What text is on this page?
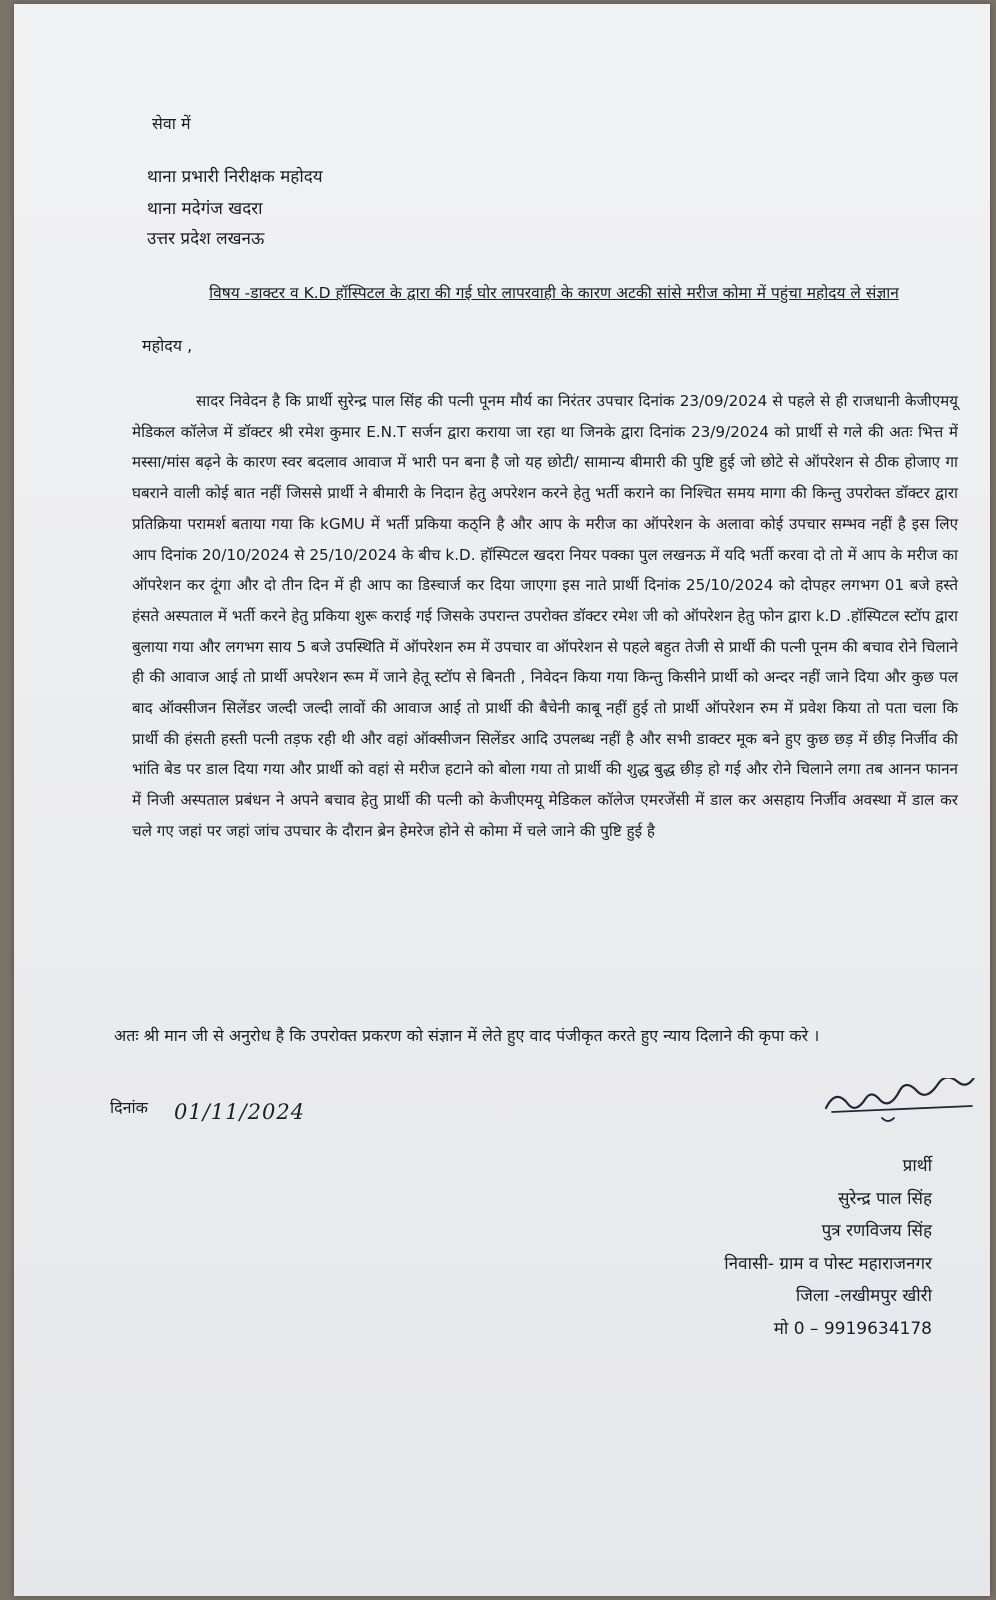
सेवा में
थाना प्रभारी निरीक्षक महोदय
थाना मदेगंज खदरा
उत्तर प्रदेश लखनऊ
विषय -डाक्टर व K.D हॉस्पिटल के द्वारा की गई घोर लापरवाही के कारण अटकी सांसे मरीज कोमा में पहुंचा महोदय ले संज्ञान
महोदय ,
सादर निवेदन है कि प्रार्थी सुरेन्द्र पाल सिंह की पत्नी पूनम मौर्य का निरंतर उपचार दिनांक 23/09/2024 से पहले से ही राजधानी केजीएमयू मेडिकल कॉलेज में डॉक्टर श्री रमेश कुमार E.N.T सर्जन द्वारा कराया जा रहा था जिनके द्वारा दिनांक 23/9/2024 को प्रार्थी से गले की अतः भित्त में मस्सा/मांस बढ़ने के कारण स्वर बदलाव आवाज में भारी पन बना है जो यह छोटी/ सामान्य बीमारी की पुष्टि हुई जो छोटे से ऑपरेशन से ठीक होजाए गा घबराने वाली कोई बात नहीं जिससे प्रार्थी ने बीमारी के निदान हेतु अपरेशन करने हेतु भर्ती कराने का निश्चित समय मागा की किन्तु उपरोक्त डॉक्टर द्वारा प्रतिक्रिया परामर्श बताया गया कि kGMU में भर्ती प्रकिया कठ्नि है और आप के मरीज का ऑपरेशन के अलावा कोई उपचार सम्भव नहीं है इस लिए आप दिनांक 20/10/2024 से 25/10/2024 के बीच k.D. हॉस्पिटल खदरा नियर पक्का पुल लखनऊ में यदि भर्ती करवा दो तो में आप के मरीज का ऑपरेशन कर दूंगा और दो तीन दिन में ही आप का डिस्चार्ज कर दिया जाएगा इस नाते प्रार्थी दिनांक 25/10/2024 को दोपहर लगभग 01 बजे हस्ते हंसते अस्पताल में भर्ती करने हेतु प्रकिया शुरू कराई गई जिसके उपरान्त उपरोक्त डॉक्टर रमेश जी को ऑपरेशन हेतु फोन द्वारा k.D .हॉस्पिटल स्टॉप द्वारा बुलाया गया और लगभग साय 5 बजे उपस्थिति में ऑपरेशन रुम में उपचार वा ऑपरेशन से पहले बहुत तेजी से प्रार्थी की पत्नी पूनम की बचाव रोने चिलाने ही की आवाज आई तो प्रार्थी अपरेशन रूम में जाने हेतू स्टॉप से बिनती , निवेदन किया गया किन्तु किसीने प्रार्थी को अन्दर नहीं जाने दिया और कुछ पल बाद ऑक्सीजन सिलेंडर जल्दी जल्दी लावों की आवाज आई तो प्रार्थी की बैचेनी काबू नहीं हुई तो प्रार्थी ऑपरेशन रुम में प्रवेश किया तो पता चला कि प्रार्थी की हंसती हस्ती पत्नी तड़फ रही थी और वहां ऑक्सीजन सिलेंडर आदि उपलब्ध नहीं है और सभी डाक्टर मूक बने हुए कुछ छड़ में छीड़ निर्जीव की भांति बेड पर डाल दिया गया और प्रार्थी को वहां से मरीज हटाने को बोला गया तो प्रार्थी की शुद्ध बुद्ध छीड़ हो गई और रोने चिलाने लगा तब आनन फानन में निजी अस्पताल प्रबंधन ने अपने बचाव हेतु प्रार्थी की पत्नी को केजीएमयू मेडिकल कॉलेज एमरजेंसी में डाल कर असहाय निर्जीव अवस्था में डाल कर चले गए जहां पर जहां जांच उपचार के दौरान ब्रेन हेमरेज होने से कोमा में चले जाने की पुष्टि हुई है
अतः श्री मान जी से अनुरोध है कि उपरोक्त प्रकरण को संज्ञान में लेते हुए वाद पंजीकृत करते हुए न्याय दिलाने की कृपा करे ।
दिनांक 01/11/2024
प्रार्थी
सुरेन्द्र पाल सिंह
पुत्र रणविजय सिंह
निवासी- ग्राम व पोस्ट महाराजनगर
जिला -लखीमपुर खीरी
मो 0 – 9919634178
